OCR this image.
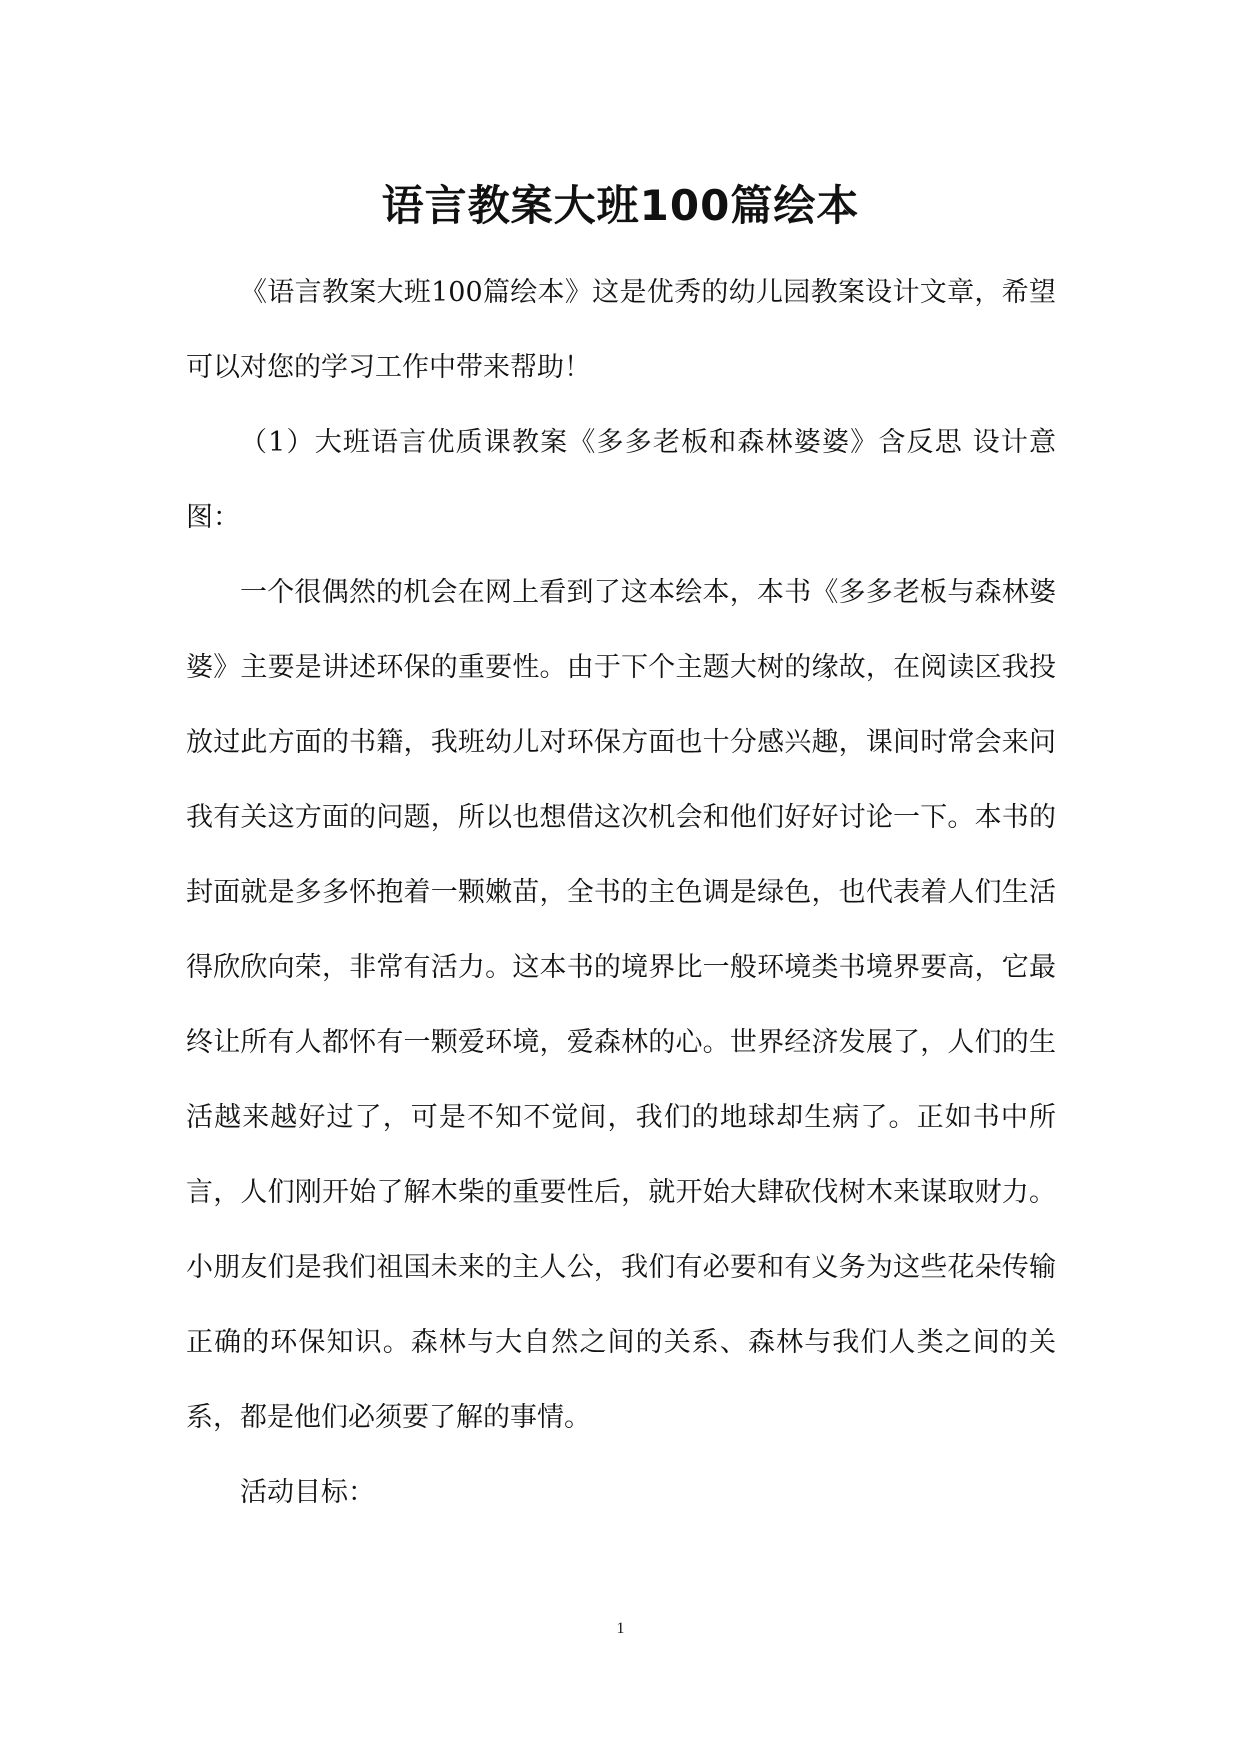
语言教案大班100篇绘本

《语言教案大班100篇绘本》这是优秀的幼儿园教案设计文章，希望可以对您的学习工作中带来帮助！

（1）大班语言优质课教案《多多老板和森林婆婆》含反思 设计意图：

一个很偶然的机会在网上看到了这本绘本，本书《多多老板与森林婆婆》主要是讲述环保的重要性。由于下个主题大树的缘故，在阅读区我投放过此方面的书籍，我班幼儿对环保方面也十分感兴趣，课间时常会来问我有关这方面的问题，所以也想借这次机会和他们好好讨论一下。本书的封面就是多多怀抱着一颗嫩苗，全书的主色调是绿色，也代表着人们生活得欣欣向荣，非常有活力。这本书的境界比一般环境类书境界要高，它最终让所有人都怀有一颗爱环境，爱森林的心。世界经济发展了，人们的生活越来越好过了，可是不知不觉间，我们的地球却生病了。正如书中所言，人们刚开始了解木柴的重要性后，就开始大肆砍伐树木来谋取财力。小朋友们是我们祖国未来的主人公，我们有必要和有义务为这些花朵传输正确的环保知识。森林与大自然之间的关系、森林与我们人类之间的关系，都是他们必须要了解的事情。

活动目标：

1
